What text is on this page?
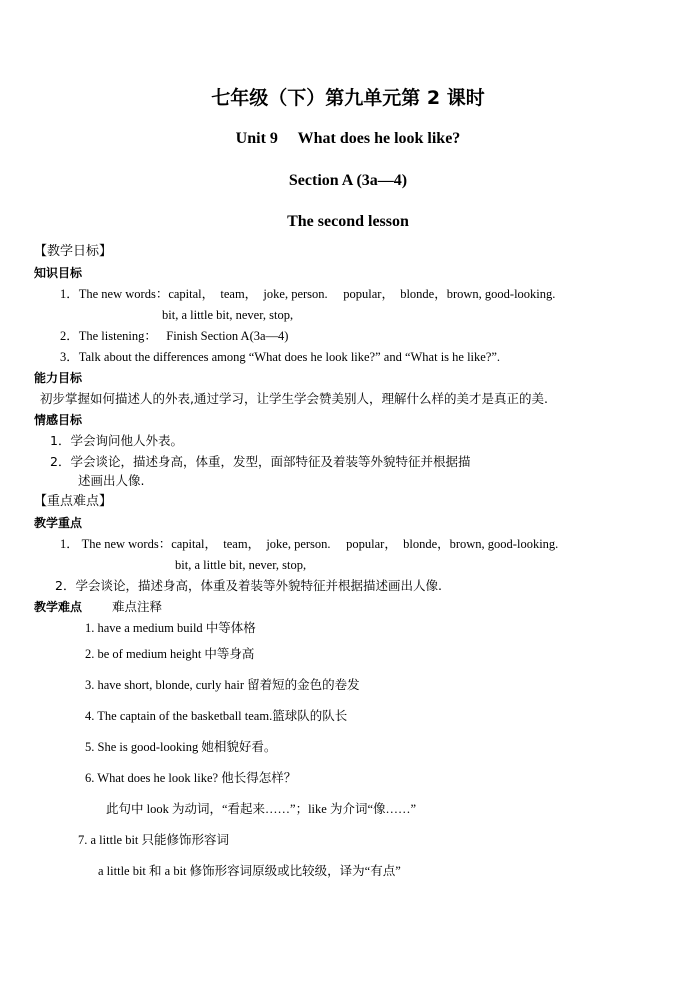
七年级（下）第九单元第 2 课时
Unit 9　 What does he look like?
Section A (3a—4)
The second lesson
【教学日标】
知识目标
1．The new words：capital，　team，　joke, person.　 popular，　blonde，brown, good-looking.
bit, a little bit, never, stop,
2．The listening：　 Finish Section A(3a—4)
3．Talk about the differences among “What does he look like?” and “What is he like?”.
能力目标
初步掌握如何描述人的外表,通过学习，让学生学会赞美别人，理解什么样的美才是真正的美.
情感目标
1．学会询问他人外表。
2．学会谈论，描述身高，体重，发型，面部特征及着装等外貌特征并根据描
述画出人像.
【重点难点】
教学重点
1． The new words：capital，　team，　joke, person.　 popular，　blonde，brown, good-looking.
bit, a little bit, never, stop,
2．学会谈论，描述身高，体重及着装等外貌特征并根据描述画出人像.
教学难点 难点注释
1. have a medium build 中等体格
2. be of medium height 中等身高
3. have short, blonde, curly hair 留着短的金色的卷发
4. The captain of the basketball team.篮球队的队长
5. She is good-looking 她相貌好看。
6. What does he look like? 他长得怎样？
此句中 look 为动词，“看起来……”；like 为介词“像……”
7. a little bit 只能修饰形容词
a little bit 和 a bit 修饰形容词原级或比较级，译为“有点”
